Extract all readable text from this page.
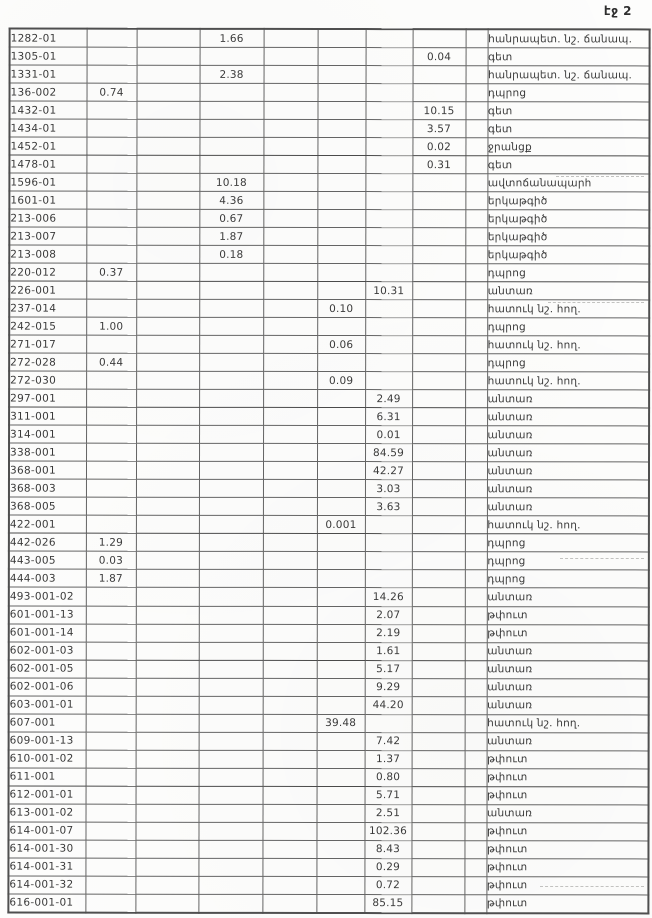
էջ 2
1282-01			1.66						հանրապետ. նշ. ճանապ.
1305-01							0.04		գետ
1331-01			2.38						հանրապետ. նշ. ճանապ.
136-002	0.74								դպրոց
1432-01							10.15		գետ
1434-01							3.57		գետ
1452-01							0.02		ջրանցք
1478-01							0.31		գետ
1596-01			10.18						ավտոճանապարհ
1601-01			4.36						երկաթգիծ
213-006			0.67						երկաթգիծ
213-007			1.87						երկաթգիծ
213-008			0.18						երկաթգիծ
220-012	0.37								դպրոց
226-001						10.31			անտառ
237-014					0.10				հատուկ նշ. հող.
242-015	1.00								դպրոց
271-017					0.06				հատուկ նշ. հող.
272-028	0.44								դպրոց
272-030					0.09				հատուկ նշ. հող.
297-001						2.49			անտառ
311-001						6.31			անտառ
314-001						0.01			անտառ
338-001						84.59			անտառ
368-001						42.27			անտառ
368-003						3.03			անտառ
368-005						3.63			անտառ
422-001					0.001				հատուկ նշ. հող.
442-026	1.29								դպրոց
443-005	0.03								դպրոց
444-003	1.87								դպրոց
493-001-02						14.26			անտառ
601-001-13						2.07			թփուտ
601-001-14						2.19			թփուտ
602-001-03						1.61			անտառ
602-001-05						5.17			անտառ
602-001-06						9.29			անտառ
603-001-01						44.20			անտառ
607-001					39.48				հատուկ նշ. հող.
609-001-13						7.42			անտառ
610-001-02						1.37			թփուտ
611-001						0.80			թփուտ
612-001-01						5.71			թփուտ
613-001-02						2.51			անտառ
614-001-07						102.36			թփուտ
614-001-30						8.43			թփուտ
614-001-31						0.29			թփուտ
614-001-32						0.72			թփուտ
616-001-01						85.15			թփուտ
